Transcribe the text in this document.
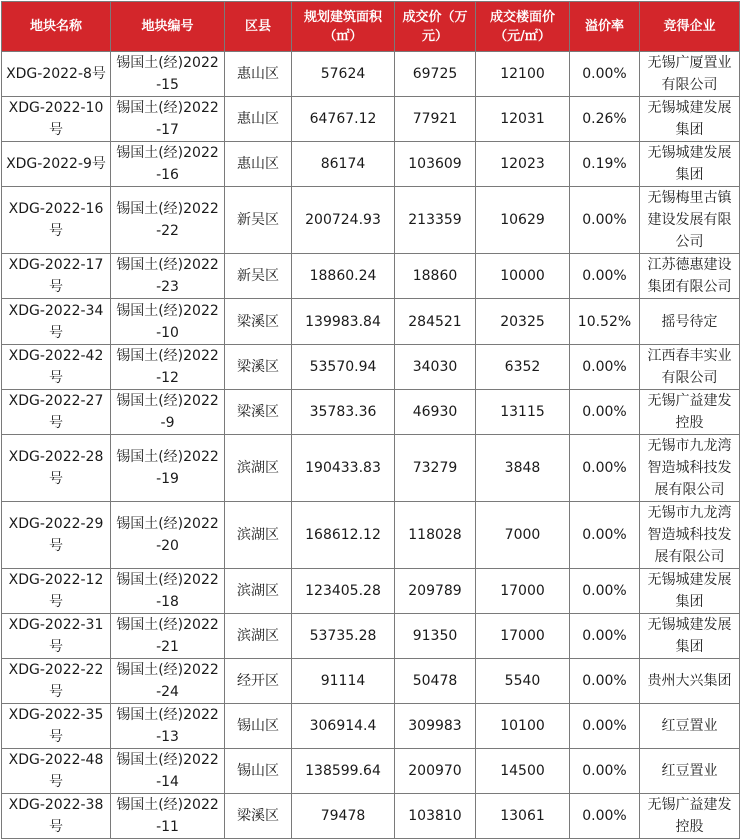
地块名称	地块编号	区县	规划建筑面积（㎡）	成交价（万元）	成交楼面价（元/㎡）	溢价率	竞得企业
XDG-2022-8号	锡国土(经)2022-15	惠山区	57624	69725	12100	0.00%	无锡广厦置业有限公司
XDG-2022-10号	锡国土(经)2022-17	惠山区	64767.12	77921	12031	0.26%	无锡城建发展集团
XDG-2022-9号	锡国土(经)2022-16	惠山区	86174	103609	12023	0.19%	无锡城建发展集团
XDG-2022-16号	锡国土(经)2022-22	新吴区	200724.93	213359	10629	0.00%	无锡梅里古镇建设发展有限公司
XDG-2022-17号	锡国土(经)2022-23	新吴区	18860.24	18860	10000	0.00%	江苏德惠建设集团有限公司
XDG-2022-34号	锡国土(经)2022-10	梁溪区	139983.84	284521	20325	10.52%	摇号待定
XDG-2022-42号	锡国土(经)2022-12	梁溪区	53570.94	34030	6352	0.00%	江西春丰实业有限公司
XDG-2022-27号	锡国土(经)2022-9	梁溪区	35783.36	46930	13115	0.00%	无锡广益建发控股
XDG-2022-28号	锡国土(经)2022-19	滨湖区	190433.83	73279	3848	0.00%	无锡市九龙湾智造城科技发展有限公司
XDG-2022-29号	锡国土(经)2022-20	滨湖区	168612.12	118028	7000	0.00%	无锡市九龙湾智造城科技发展有限公司
XDG-2022-12号	锡国土(经)2022-18	滨湖区	123405.28	209789	17000	0.00%	无锡城建发展集团
XDG-2022-31号	锡国土(经)2022-21	滨湖区	53735.28	91350	17000	0.00%	无锡城建发展集团
XDG-2022-22号	锡国土(经)2022-24	经开区	91114	50478	5540	0.00%	贵州大兴集团
XDG-2022-35号	锡国土(经)2022-13	锡山区	306914.4	309983	10100	0.00%	红豆置业
XDG-2022-48号	锡国土(经)2022-14	锡山区	138599.64	200970	14500	0.00%	红豆置业
XDG-2022-38号	锡国土(经)2022-11	梁溪区	79478	103810	13061	0.00%	无锡广益建发控股
